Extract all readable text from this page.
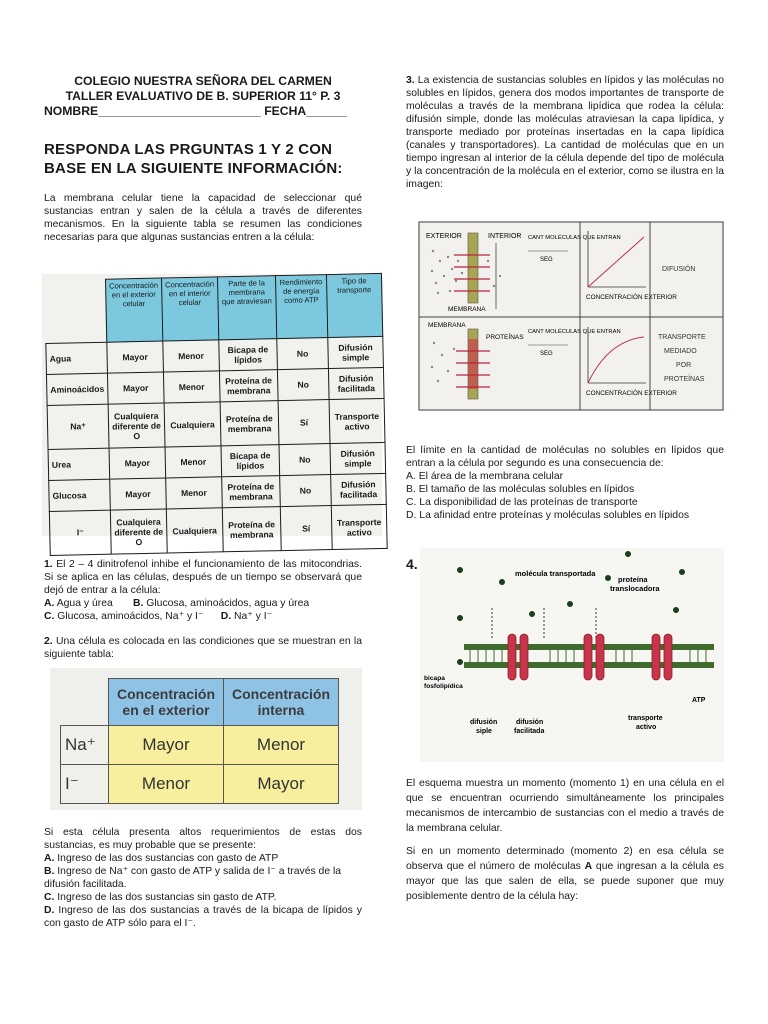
COLEGIO NUESTRA SEÑORA DEL CARMEN

TALLER EVALUATIVO DE B. SUPERIOR 11° P. 3

NOMBRE________________________ FECHA______

RESPONDA LAS PRGUNTAS 1 Y 2 CON BASE EN LA SIGUIENTE INFORMACIÓN:

La membrana celular tiene la capacidad de seleccionar qué sustancias entran y salen de la célula a través de diferentes mecanismos. En la siguiente tabla se resumen las condiciones necesarias para que algunas sustancias entren a la célula:

	Concentración en el exterior celular	Concentración en el interior celular	Parte de la membrana que atraviesan	Rendimiento de energía como ATP	Tipo de transporte
Agua	Mayor	Menor	Bicapa de lípidos	No	Difusión simple
Aminoácidos	Mayor	Menor	Proteína de membrana	No	Difusión facilitada
Na⁺	Cualquiera diferente de O	Cualquiera	Proteína de membrana	Sí	Transporte activo
Urea	Mayor	Menor	Bicapa de lípidos	No	Difusión simple
Glucosa	Mayor	Menor	Proteína de membrana	No	Difusión facilitada
I⁻	Cualquiera diferente de O	Cualquiera	Proteína de membrana	Sí	Transporte activo

1. El 2 – 4 dinitrofenol inhibe el funcionamiento de las mitocondrias. Si se aplica en las células, después de un tiempo se observará que dejó de entrar a la célula:

A. Agua y úrea B. Glucosa, aminoácidos, agua y úrea

C. Glucosa, aminoácidos, Na⁺ y I⁻ D. Na⁺ y I⁻

2. Una célula es colocada en las condiciones que se muestran en la siguiente tabla:

	Concentración en el exterior	Concentración interna
Na⁺	Mayor	Menor
I⁻	Menor	Mayor

Si esta célula presenta altos requerimientos de estas dos sustancias, es muy probable que se presente:

A. Ingreso de las dos sustancias con gasto de ATP

B. Ingreso de Na⁺ con gasto de ATP y salida de I⁻ a través de la difusión facilitada.

C. Ingreso de las dos sustancias sin gasto de ATP.

D. Ingreso de las dos sustancias a través de la bicapa de lípidos y con gasto de ATP sólo para el I⁻.

3. La existencia de sustancias solubles en lípidos y las moléculas no solubles en lípidos, genera dos modos importantes de transporte de moléculas a través de la membrana lipídica que rodea la célula: difusión simple, donde las moléculas atraviesan la capa lipídica, y transporte mediado por proteínas insertadas en la capa lipídica (canales y transportadores). La cantidad de moléculas que en un tiempo ingresan al interior de la célula depende del tipo de molécula y la concentración de la molécula en el exterior, como se ilustra en la imagen:

EXTERIOR	INTERIOR
MEMBRANA
CANT MOLÉCULAS QUE ENTRAN
SEG
CONCENTRACIÓN EXTERIOR
DIFUSIÓN
MEMBRANA
PROTEÍNAS
CANT MOLÉCULAS QUE ENTRAN
SEG
CONCENTRACIÓN EXTERIOR
TRANSPORTE MEDIADO POR PROTEÍNAS

El límite en la cantidad de moléculas no solubles en lípidos que entran a la célula por segundo es una consecuencia de:

A. El área de la membrana celular

B. El tamaño de las moléculas solubles en lípidos

C. La disponibilidad de las proteínas de transporte

D. La afinidad entre proteínas y moléculas solubles en lípidos

4.
molécula transportada
proteína translocadora
bicapa fosfolipídica
ATP
difusión siple
difusión facilitada
transporte activo

El esquema muestra un momento (momento 1) en una célula en el que se encuentran ocurriendo simultáneamente los principales mecanismos de intercambio de sustancias con el medio a través de la membrana celular.

Si en un momento determinado (momento 2) en esa célula se observa que el número de moléculas A que ingresan a la célula es mayor que las que salen de ella, se puede suponer que muy posiblemente dentro de la célula hay:
